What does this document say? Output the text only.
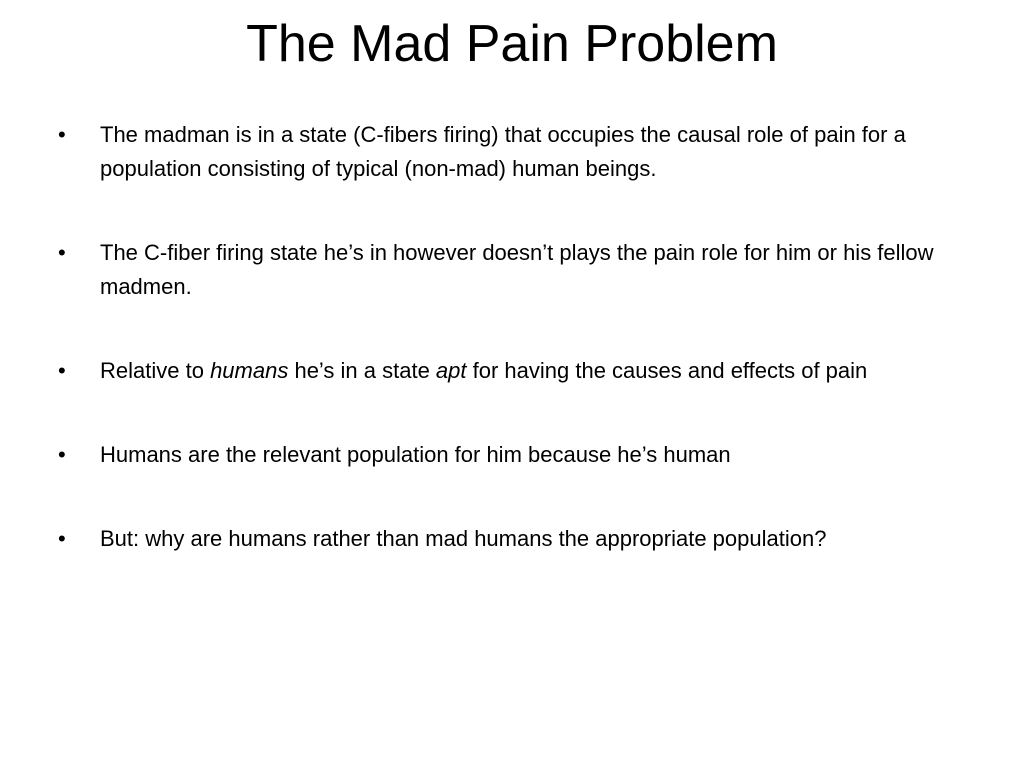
The Mad Pain Problem
•	The madman is in a state (C-fibers firing) that occupies the causal role of pain for a population consisting of typical (non-mad) human beings.
•	The C-fiber firing state he’s in however doesn’t plays the pain role for him or his fellow madmen.
•	Relative to humans he’s in a state apt for having the causes and effects of pain
•	Humans are the relevant population for him because he’s human
•	But: why are humans rather than mad humans the appropriate population?
